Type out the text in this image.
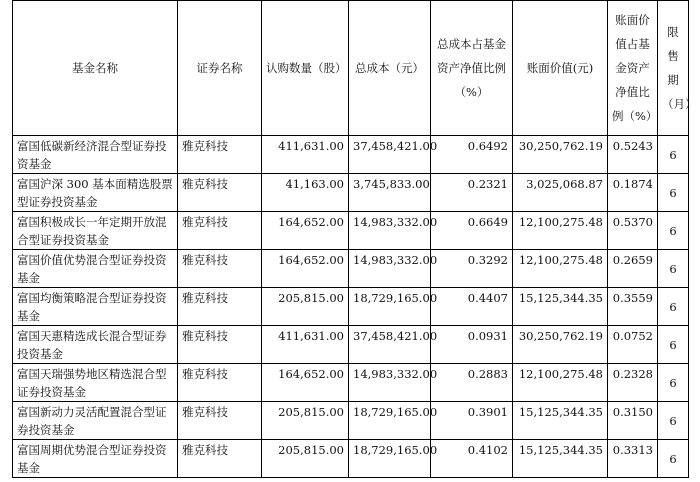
基金名称	证券名称	认购数量（股）	总成本（元）	总成本占基金资产净值比例（%）	账面价值(元)	账面价值占基金资产净值比例（%）	限售期（月）
富国低碳新经济混合型证券投资基金	雅克科技	411,631.00	37,458,421.00	0.6492	30,250,762.19	0.5243	6
富国沪深 300 基本面精选股票型证券投资基金	雅克科技	41,163.00	3,745,833.00	0.2321	3,025,068.87	0.1874	6
富国积极成长一年定期开放混合型证券投资基金	雅克科技	164,652.00	14,983,332.00	0.6649	12,100,275.48	0.5370	6
富国价值优势混合型证券投资基金	雅克科技	164,652.00	14,983,332.00	0.3292	12,100,275.48	0.2659	6
富国均衡策略混合型证券投资基金	雅克科技	205,815.00	18,729,165.00	0.4407	15,125,344.35	0.3559	6
富国天惠精选成长混合型证券投资基金	雅克科技	411,631.00	37,458,421.00	0.0931	30,250,762.19	0.0752	6
富国天瑞强势地区精选混合型证券投资基金	雅克科技	164,652.00	14,983,332.00	0.2883	12,100,275.48	0.2328	6
富国新动力灵活配置混合型证券投资基金	雅克科技	205,815.00	18,729,165.00	0.3901	15,125,344.35	0.3150	6
富国周期优势混合型证券投资基金	雅克科技	205,815.00	18,729,165.00	0.4102	15,125,344.35	0.3313	6
